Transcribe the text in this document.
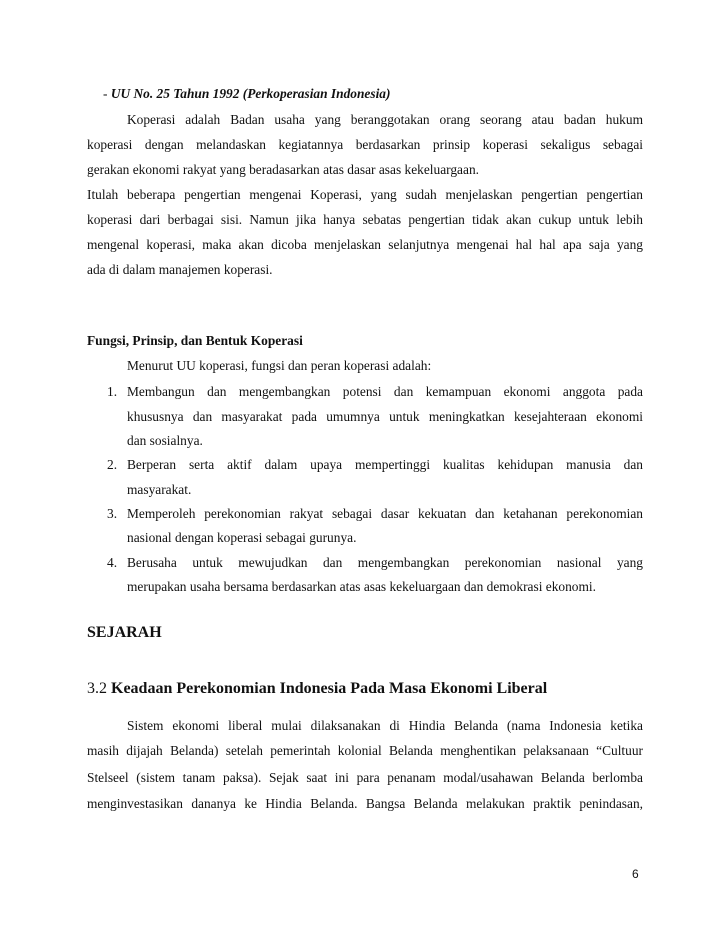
- UU No. 25 Tahun 1992 (Perkoperasian Indonesia)
Koperasi adalah Badan usaha yang beranggotakan orang seorang atau badan hukum
koperasi dengan melandaskan kegiatannya berdasarkan prinsip koperasi sekaligus sebagai
gerakan ekonomi rakyat yang beradasarkan atas dasar asas kekeluargaan.
Itulah beberapa pengertian mengenai Koperasi, yang sudah menjelaskan pengertian pengertian
koperasi dari berbagai sisi. Namun jika hanya sebatas pengertian tidak akan cukup untuk lebih
mengenal koperasi, maka akan dicoba menjelaskan selanjutnya mengenai hal hal apa saja yang
ada di dalam manajemen koperasi.
Fungsi, Prinsip, dan Bentuk Koperasi
Menurut UU koperasi, fungsi dan peran koperasi adalah:
1. Membangun dan mengembangkan potensi dan kemampuan ekonomi anggota pada
khususnya dan masyarakat pada umumnya untuk meningkatkan kesejahteraan ekonomi
dan sosialnya.
2. Berperan serta aktif dalam upaya mempertinggi kualitas kehidupan manusia dan
masyarakat.
3. Memperoleh perekonomian rakyat sebagai dasar kekuatan dan ketahanan perekonomian
nasional dengan koperasi sebagai gurunya.
4. Berusaha untuk mewujudkan dan mengembangkan perekonomian nasional yang
merupakan usaha bersama berdasarkan atas asas kekeluargaan dan demokrasi ekonomi.
SEJARAH
3.2 Keadaan Perekonomian Indonesia Pada Masa Ekonomi Liberal
Sistem ekonomi liberal mulai dilaksanakan di Hindia Belanda (nama Indonesia ketika
masih dijajah Belanda) setelah pemerintah kolonial Belanda menghentikan pelaksanaan “Cultuur
Stelseel (sistem tanam paksa). Sejak saat ini para penanam modal/usahawan Belanda berlomba
menginvestasikan dananya ke Hindia Belanda. Bangsa Belanda melakukan praktik penindasan,
6
